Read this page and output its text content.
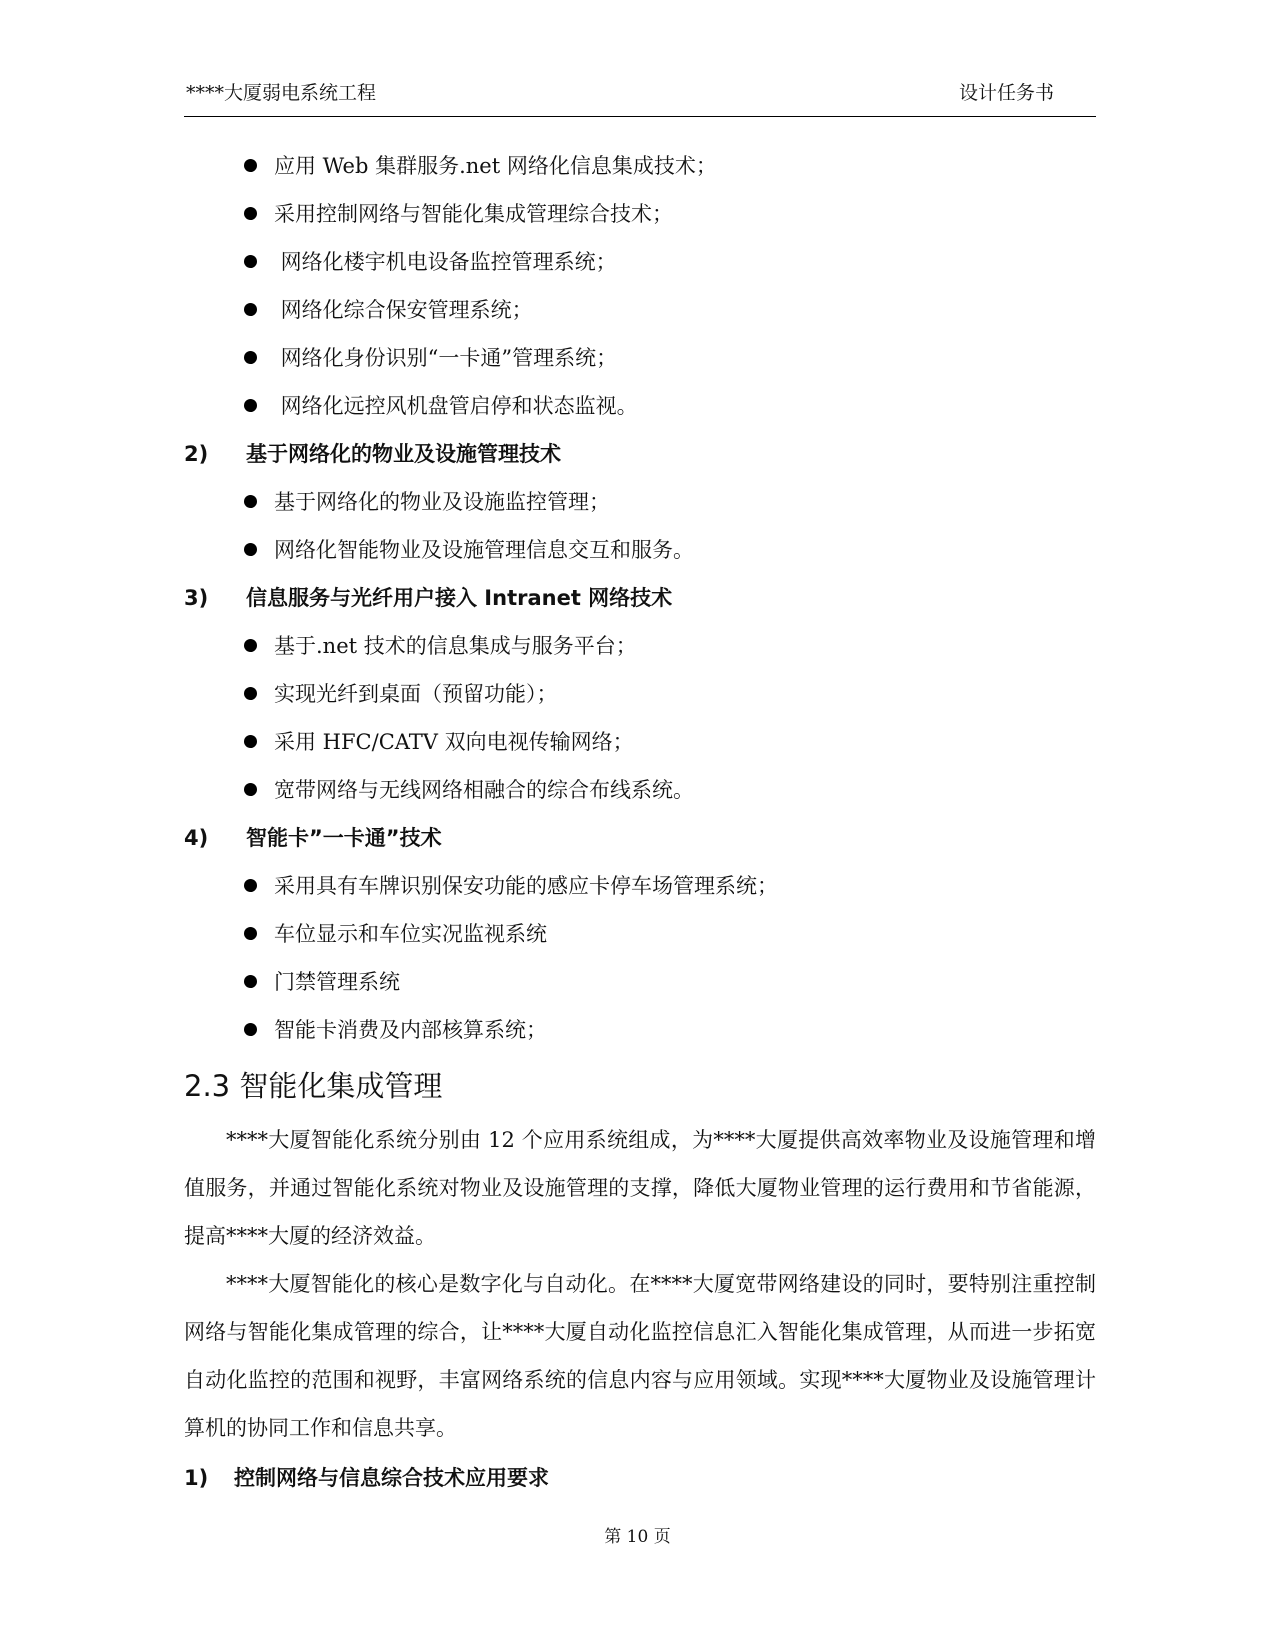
****大厦弱电系统工程	设计任务书
应用 Web 集群服务.net 网络化信息集成技术；
采用控制网络与智能化集成管理综合技术；
网络化楼宇机电设备监控管理系统；
网络化综合保安管理系统；
网络化身份识别“一卡通”管理系统；
网络化远控风机盘管启停和状态监视。
2) 基于网络化的物业及设施管理技术
基于网络化的物业及设施监控管理；
网络化智能物业及设施管理信息交互和服务。
3) 信息服务与光纤用户接入 Intranet 网络技术
基于.net 技术的信息集成与服务平台；
实现光纤到桌面（预留功能）；
采用 HFC/CATV 双向电视传输网络；
宽带网络与无线网络相融合的综合布线系统。
4) 智能卡”一卡通”技术
采用具有车牌识别保安功能的感应卡停车场管理系统；
车位显示和车位实况监视系统
门禁管理系统
智能卡消费及内部核算系统；
2.3 智能化集成管理

****大厦智能化系统分别由 12 个应用系统组成，为****大厦提供高效率物业及设施管理和增值服务，并通过智能化系统对物业及设施管理的支撑，降低大厦物业管理的运行费用和节省能源，提高****大厦的经济效益。

****大厦智能化的核心是数字化与自动化。在****大厦宽带网络建设的同时，要特别注重控制网络与智能化集成管理的综合，让****大厦自动化监控信息汇入智能化集成管理，从而进一步拓宽自动化监控的范围和视野，丰富网络系统的信息内容与应用领域。实现****大厦物业及设施管理计算机的协同工作和信息共享。

1) 控制网络与信息综合技术应用要求
第 10 页
